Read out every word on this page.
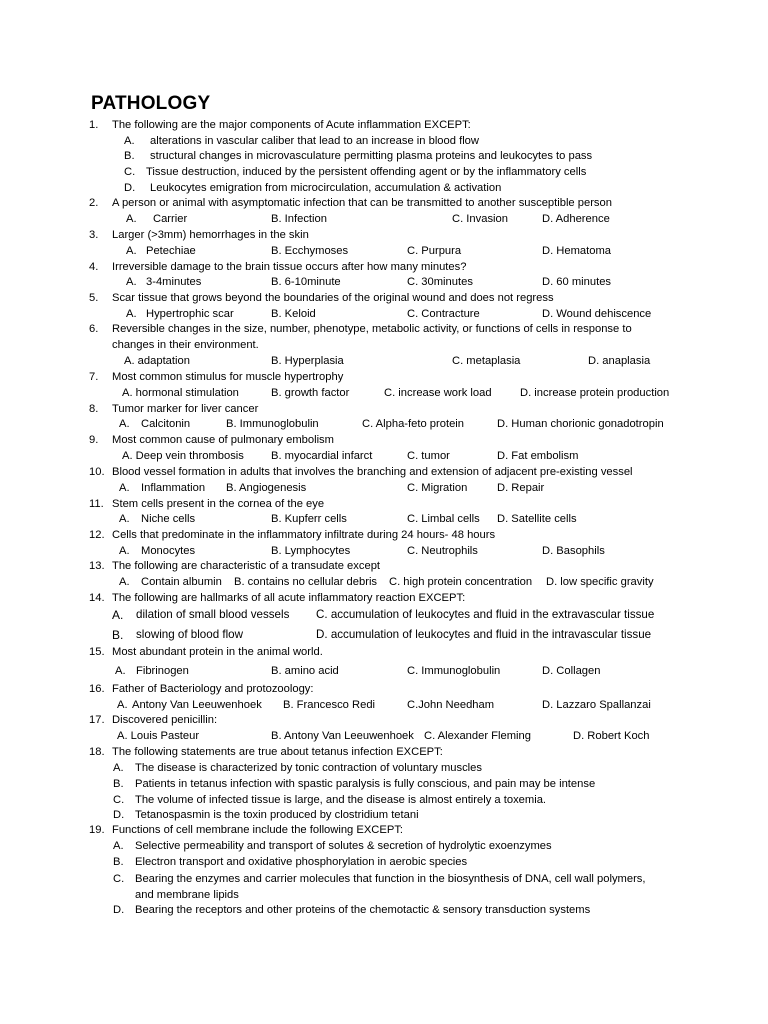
PATHOLOGY
1. The following are the major components of Acute inflammation EXCEPT:
A. alterations in vascular caliber that lead to an increase in blood flow
B. structural changes in microvasculature permitting plasma proteins and leukocytes to pass
C. Tissue destruction, induced by the persistent offending agent or by the inflammatory cells
D. Leukocytes emigration from microcirculation, accumulation & activation
2. A person or animal with asymptomatic infection that can be transmitted to another susceptible person
A. Carrier	B. Infection	C. Invasion	D. Adherence
3. Larger (>3mm) hemorrhages in the skin
A. Petechiae	B. Ecchymoses	C. Purpura	D. Hematoma
4. Irreversible damage to the brain tissue occurs after how many minutes?
A. 3-4minutes	B. 6-10minute	C. 30minutes	D. 60 minutes
5. Scar tissue that grows beyond the boundaries of the original wound and does not regress
A. Hypertrophic scar	B. Keloid	C. Contracture	D. Wound dehiscence
6. Reversible changes in the size, number, phenotype, metabolic activity, or functions of cells in response to
changes in their environment.
A. adaptation	B. Hyperplasia	C. metaplasia	D. anaplasia
7. Most common stimulus for muscle hypertrophy
A. hormonal stimulation	B. growth factor	C. increase work load	D. increase protein production
8. Tumor marker for liver cancer
A. Calcitonin	B. Immunoglobulin	C. Alpha-feto protein	D. Human chorionic gonadotropin
9. Most common cause of pulmonary embolism
A. Deep vein thrombosis B. myocardial infarct	C. tumor	D. Fat embolism
10. Blood vessel formation in adults that involves the branching and extension of adjacent pre-existing vessel
A. Inflammation B. Angiogenesis	C. Migration	D. Repair
11. Stem cells present in the cornea of the eye
A. Niche cells	B. Kupferr cells	C. Limbal cells D. Satellite cells
12. Cells that predominate in the inflammatory infiltrate during 24 hours- 48 hours
A. Monocytes	B. Lymphocytes	C. Neutrophils	D. Basophils
13. The following are characteristic of a transudate except
A. Contain albumin B. contains no cellular debris C. high protein concentration D. low specific gravity
14. The following are hallmarks of all acute inflammatory reaction EXCEPT:
A. dilation of small blood vessels C. accumulation of leukocytes and fluid in the extravascular tissue
B. slowing of blood flow	D. accumulation of leukocytes and fluid in the intravascular tissue
15. Most abundant protein in the animal world.
A. Fibrinogen	B. amino acid	C. Immunoglobulin	D. Collagen
16. Father of Bacteriology and protozoology:
A. Antony Van Leeuwenhoek B. Francesco Redi	C.John Needham	D. Lazzaro Spallanzai
17. Discovered penicillin:
A. Louis Pasteur	B. Antony Van Leeuwenhoek C. Alexander Fleming	D. Robert Koch
18. The following statements are true about tetanus infection EXCEPT:
A. The disease is characterized by tonic contraction of voluntary muscles
B. Patients in tetanus infection with spastic paralysis is fully conscious, and pain may be intense
C. The volume of infected tissue is large, and the disease is almost entirely a toxemia.
D. Tetanospasmin is the toxin produced by clostridium tetani
19. Functions of cell membrane include the following EXCEPT:
A. Selective permeability and transport of solutes & secretion of hydrolytic exoenzymes
B. Electron transport and oxidative phosphorylation in aerobic species
C. Bearing the enzymes and carrier molecules that function in the biosynthesis of DNA, cell wall polymers,
and membrane lipids
D. Bearing the receptors and other proteins of the chemotactic & sensory transduction systems
